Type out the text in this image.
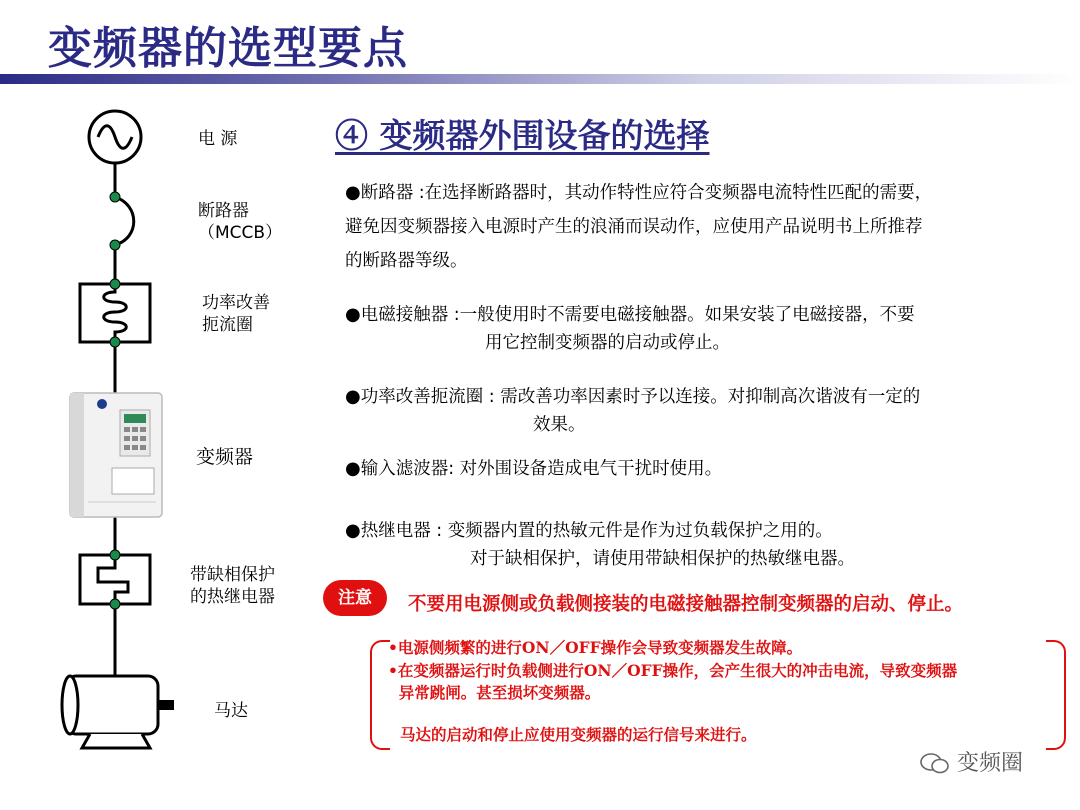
变频器的选型要点
④ 变频器外围设备的选择
电 源
断路器
（MCCB）
功率改善
扼流圈
变频器
带缺相保护
的热继电器
马达
●断路器 :在选择断路器时，其动作特性应符合变频器电流特性匹配的需要，
避免因变频器接入电源时产生的浪涌而误动作，应使用产品说明书上所推荐
的断路器等级。
●电磁接触器 :一般使用时不需要电磁接触器。如果安装了电磁接器，不要
用它控制变频器的启动或停止。
●功率改善扼流圈 : 需改善功率因素时予以连接。对抑制高次谐波有一定的
效果。
●输入滤波器: 对外围设备造成电气干扰时使用。
●热继电器 : 变频器内置的热敏元件是作为过负载保护之用的。
对于缺相保护，请使用带缺相保护的热敏继电器。
注意	不要用电源侧或负载侧接装的电磁接触器控制变频器的启动、停止。
•电源侧频繁的进行ON／OFF操作会导致变频器发生故障。
•在变频器运行时负载侧进行ON／OFF操作，会产生很大的冲击电流，导致变频器
异常跳闸。甚至损坏变频器。
马达的启动和停止应使用变频器的运行信号来进行。
变频圈
